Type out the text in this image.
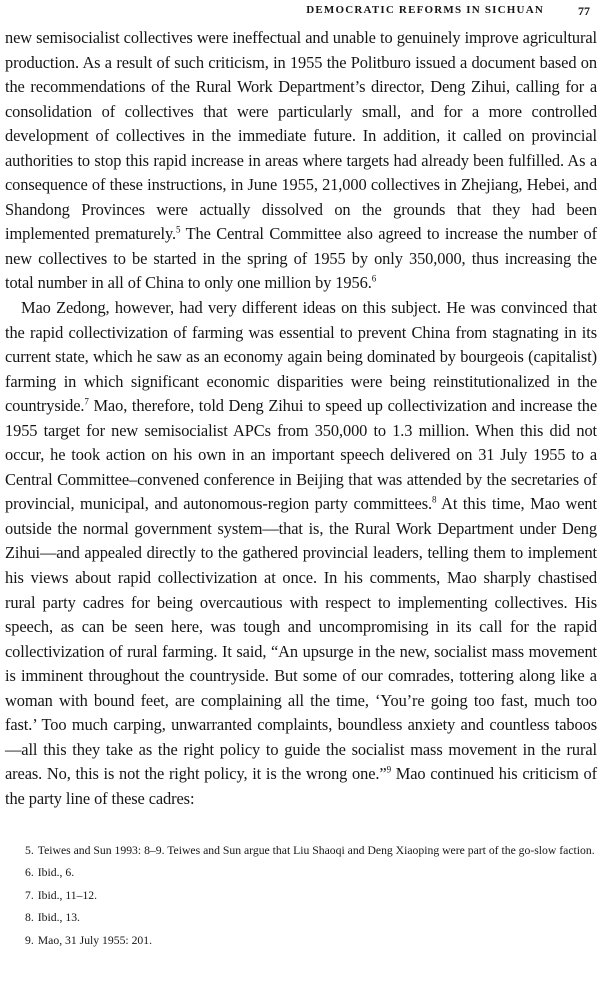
DEMOCRATIC REFORMS IN SICHUAN	77

new semisocialist collectives were ineffectual and unable to genuinely improve agricultural production. As a result of such criticism, in 1955 the Politburo issued a document based on the recommendations of the Rural Work Department’s director, Deng Zihui, calling for a consolidation of collectives that were particularly small, and for a more controlled development of collectives in the immediate future. In addition, it called on provincial authorities to stop this rapid increase in areas where targets had already been fulfilled. As a consequence of these instructions, in June 1955, 21,000 collectives in Zhejiang, Hebei, and Shandong Provinces were actually dissolved on the grounds that they had been implemented prematurely.$^5$ The Central Committee also agreed to increase the number of new collectives to be started in the spring of 1955 by only 350,000, thus increasing the total number in all of China to only one million by 1956.$^6$

Mao Zedong, however, had very different ideas on this subject. He was convinced that the rapid collectivization of farming was essential to prevent China from stagnating in its current state, which he saw as an economy again being dominated by bourgeois (capitalist) farming in which significant economic disparities were being reinstitutionalized in the countryside.$^7$ Mao, therefore, told Deng Zihui to speed up collectivization and increase the 1955 target for new semisocialist APCs from 350,000 to 1.3 million. When this did not occur, he took action on his own in an important speech delivered on 31 July 1955 to a Central Committee–convened conference in Beijing that was attended by the secretaries of provincial, municipal, and autonomous-region party committees.$^8$ At this time, Mao went outside the normal government system—that is, the Rural Work Department under Deng Zihui—and appealed directly to the gathered provincial leaders, telling them to implement his views about rapid collectivization at once. In his comments, Mao sharply chastised rural party cadres for being overcautious with respect to implementing collectives. His speech, as can be seen here, was tough and uncompromising in its call for the rapid collectivization of rural farming. It said, “An upsurge in the new, socialist mass movement is imminent throughout the countryside. But some of our comrades, tottering along like a woman with bound feet, are complaining all the time, ‘You’re going too fast, much too fast.’ Too much carping, unwarranted complaints, boundless anxiety and countless taboos—all this they take as the right policy to guide the socialist mass movement in the rural areas. No, this is not the right policy, it is the wrong one.”$^9$ Mao continued his criticism of the party line of these cadres:

5. Teiwes and Sun 1993: 8–9. Teiwes and Sun argue that Liu Shaoqi and Deng Xiaoping were part of the go-slow faction.

6. Ibid., 6.

7. Ibid., 11–12.

8. Ibid., 13.

9. Mao, 31 July 1955: 201.
